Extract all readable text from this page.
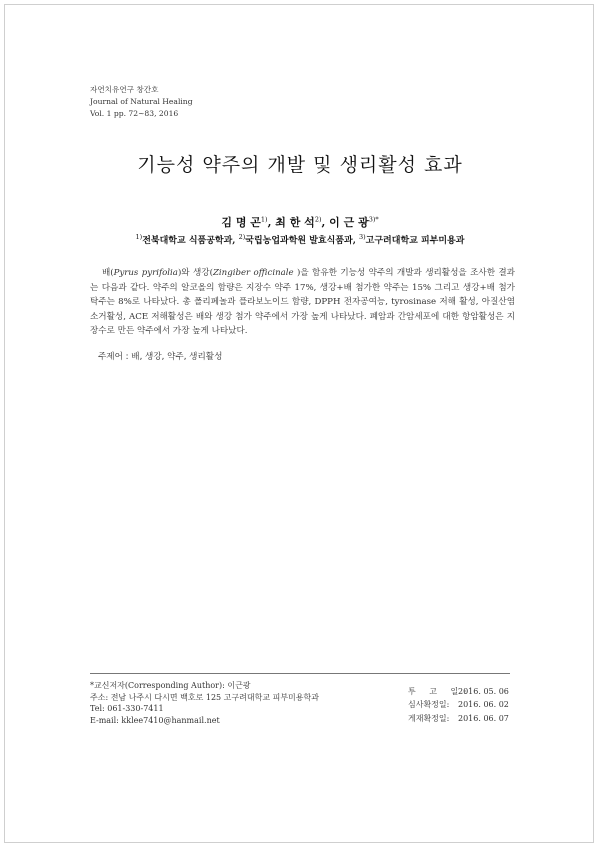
자연치유연구 창간호
Journal of Natural Healing
Vol. 1 pp. 72~83, 2016
기능성 약주의 개발 및 생리활성 효과
김 명 곤$^{1)}$, 최 한 석$^{2)}$, 이 근 광$^{3)*}$
$^{1)}$전북대학교 식품공학과, $^{2)}$국립농업과학원 발효식품과, $^{3)}$고구려대학교 피부미용과

배(Pyrus pyrifolia)와 생강(Zingiber officinale )을 함유한 기능성 약주의 개발과 생리활성을 조사한 결과는 다음과 같다. 약주의 알코올의 함량은 지장수 약주 17%, 생강+배 첨가한 약주는 15% 그리고 생강+배 첨가 탁주는 8%로 나타났다. 총 폴리페놀과 플라보노이드 함량, DPPH 전자공여능, tyrosinase 저해 활성, 아질산염 소거활성, ACE 저해활성은 배와 생강 첨가 약주에서 가장 높게 나타났다. 폐암과 간암세포에 대한 항암활성은 지장수로 만든 약주에서 가장 높게 나타났다.

주제어 : 배, 생강, 약주, 생리활성
*교신저자(Corresponding Author): 이근광
주소: 전남 나주시 다시면 백호로 125 고구려대학교 피부미용학과
Tel: 061-330-7411
E-mail: kklee7410@hanmail.net
투 고 일:
2016. 05. 06
심사확정일:	2016. 06. 02
게재확정일:	2016. 06. 07
